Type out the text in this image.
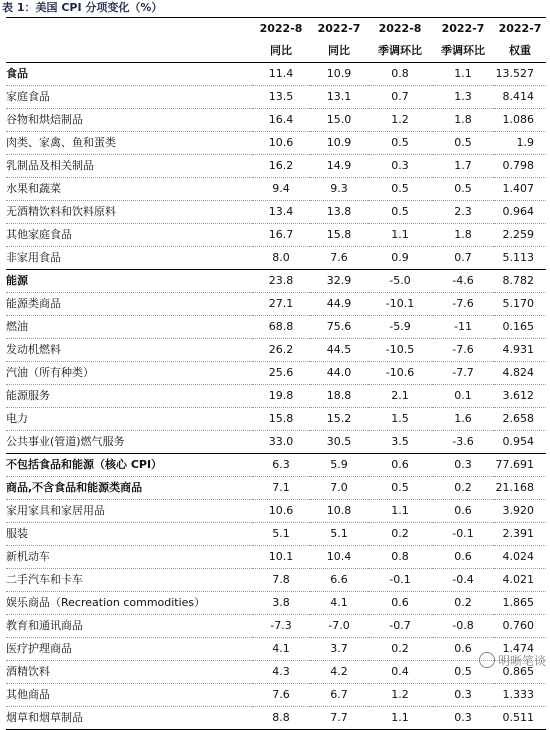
表 1：美国 CPI 分项变化（%）
	2022-8	2022-7	2022-8	2022-7	2022-7
	同比	同比	季调环比	季调环比	权重
食品	11.4	10.9	0.8	1.1	13.527
家庭食品	13.5	13.1	0.7	1.3	8.414
谷物和烘焙制品	16.4	15.0	1.2	1.8	1.086
肉类、家禽、鱼和蛋类	10.6	10.9	0.5	0.5	1.9
乳制品及相关制品	16.2	14.9	0.3	1.7	0.798
水果和蔬菜	9.4	9.3	0.5	0.5	1.407
无酒精饮料和饮料原料	13.4	13.8	0.5	2.3	0.964
其他家庭食品	16.7	15.8	1.1	1.8	2.259
非家用食品	8.0	7.6	0.9	0.7	5.113
能源	23.8	32.9	-5.0	-4.6	8.782
能源类商品	27.1	44.9	-10.1	-7.6	5.170
燃油	68.8	75.6	-5.9	-11	0.165
发动机燃料	26.2	44.5	-10.5	-7.6	4.931
汽油（所有种类）	25.6	44.0	-10.6	-7.7	4.824
能源服务	19.8	18.8	2.1	0.1	3.612
电力	15.8	15.2	1.5	1.6	2.658
公共事业(管道)燃气服务	33.0	30.5	3.5	-3.6	0.954
不包括食品和能源（核心 CPI）	6.3	5.9	0.6	0.3	77.691
商品,不含食品和能源类商品	7.1	7.0	0.5	0.2	21.168
家用家具和家居用品	10.6	10.8	1.1	0.6	3.920
服装	5.1	5.1	0.2	-0.1	2.391
新机动车	10.1	10.4	0.8	0.6	4.024
二手汽车和卡车	7.8	6.6	-0.1	-0.4	4.021
娱乐商品（Recreation commodities）	3.8	4.1	0.6	0.2	1.865
教育和通讯商品	-7.3	-7.0	-0.7	-0.8	0.760
医疗护理商品	4.1	3.7	0.2	0.6	1.474
酒精饮料	4.3	4.2	0.4	0.5	0.865
其他商品	7.6	6.7	1.2	0.3	1.333
烟草和烟草制品	8.8	7.7	1.1	0.3	0.511
明晰笔谈
